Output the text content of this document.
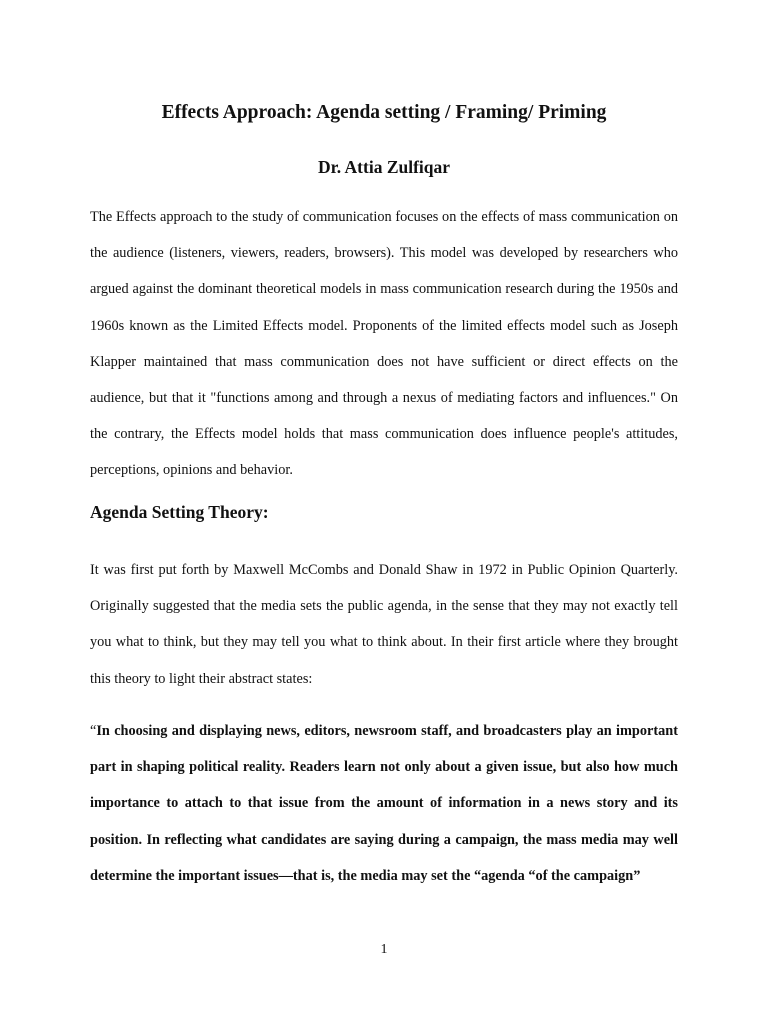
Effects Approach: Agenda setting / Framing/ Priming
Dr. Attia Zulfiqar

The Effects approach to the study of communication focuses on the effects of mass communication on the audience (listeners, viewers, readers, browsers). This model was developed by researchers who argued against the dominant theoretical models in mass communication research during the 1950s and 1960s known as the Limited Effects model. Proponents of the limited effects model such as Joseph Klapper maintained that mass communication does not have sufficient or direct effects on the audience, but that it "functions among and through a nexus of mediating factors and influences." On the contrary, the Effects model holds that mass communication does influence people's attitudes, perceptions, opinions and behavior.

Agenda Setting Theory:

It was first put forth by Maxwell McCombs and Donald Shaw in 1972 in Public Opinion Quarterly. Originally suggested that the media sets the public agenda, in the sense that they may not exactly tell you what to think, but they may tell you what to think about. In their first article where they brought this theory to light their abstract states:

“In choosing and displaying news, editors, newsroom staff, and broadcasters play an important part in shaping political reality. Readers learn not only about a given issue, but also how much importance to attach to that issue from the amount of information in a news story and its position. In reflecting what candidates are saying during a campaign, the mass media may well determine the important issues—that is, the media may set the “agenda “of the campaign”

1
